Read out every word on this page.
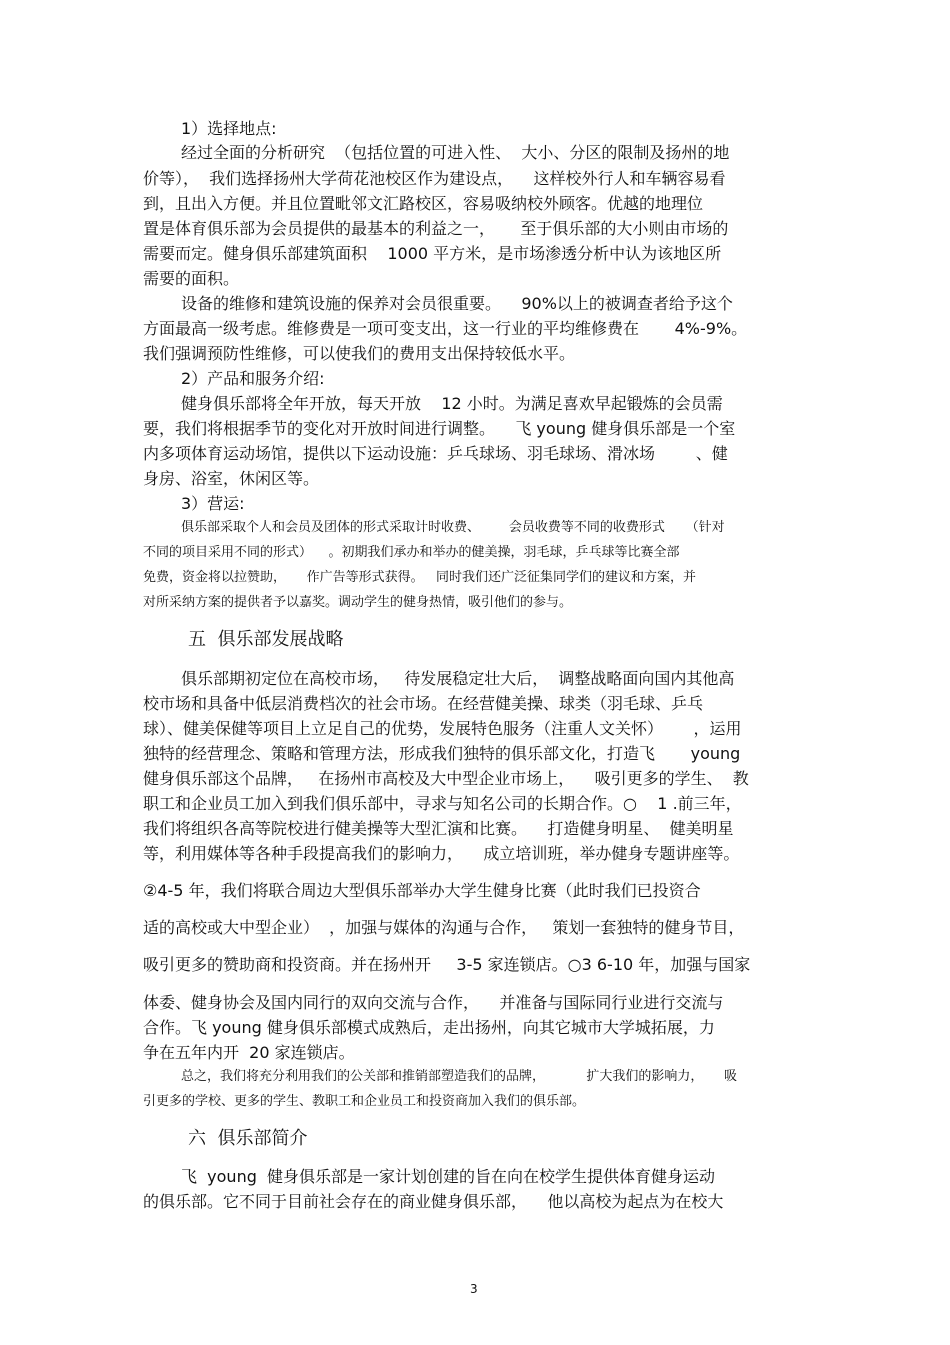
1）选择地点:
经过全面的分析研究  （包括位置的可进入性、  大小、分区的限制及扬州的地
价等），  我们选择扬州大学荷花池校区作为建设点，    这样校外行人和车辆容易看
到，且出入方便。并且位置毗邻文汇路校区，容易吸纳校外顾客。优越的地理位
置是体育俱乐部为会员提供的最基本的利益之一，     至于俱乐部的大小则由市场的
需要而定。健身俱乐部建筑面积    1000 平方米，是市场渗透分析中认为该地区所
需要的面积。
设备的维修和建筑设施的保养对会员很重要。    90%以上的被调查者给予这个
方面最高一级考虑。维修费是一项可变支出，这一行业的平均维修费在       4%-9%。
我们强调预防性维修，可以使我们的费用支出保持较低水平。
2）产品和服务介绍:
健身俱乐部将全年开放，每天开放    12 小时。为满足喜欢早起锻炼的会员需
要，我们将根据季节的变化对开放时间进行调整。    飞 young 健身俱乐部是一个室
内多项体育运动场馆，提供以下运动设施：乒乓球场、羽毛球场、滑冰场        、健
身房、浴室，休闲区等。
3）营运:
俱乐部采取个人和会员及团体的形式采取计时收费、       会员收费等不同的收费形式     （针对
不同的项目采用不同的形式）    。初期我们承办和举办的健美操，羽毛球，乒乓球等比赛全部
免费，资金将以拉赞助，     作广告等形式获得。   同时我们还广泛征集同学们的建议和方案，并
对所采纳方案的提供者予以嘉奖。调动学生的健身热情，吸引他们的参与。
五  俱乐部发展战略
俱乐部期初定位在高校市场，   待发展稳定壮大后，  调整战略面向国内其他高
校市场和具备中低层消费档次的社会市场。在经营健美操、球类（羽毛球、乒乓
球）、健美保健等项目上立足自己的优势，发展特色服务（注重人文关怀）      ，运用
独特的经营理念、策略和管理方法，形成我们独特的俱乐部文化，打造飞       young
健身俱乐部这个品牌，   在扬州市高校及大中型企业市场上，    吸引更多的学生、  教
职工和企业员工加入到我们俱乐部中，寻求与知名公司的长期合作。○    1 .前三年，
我们将组织各高等院校进行健美操等大型汇演和比赛。    打造健身明星、  健美明星
等，利用媒体等各种手段提高我们的影响力，    成立培训班，举办健身专题讲座等。
②4-5 年，我们将联合周边大型俱乐部举办大学生健身比赛（此时我们已投资合
适的高校或大中型企业）  ，加强与媒体的沟通与合作，   策划一套独特的健身节目，
吸引更多的赞助商和投资商。并在扬州开     3-5 家连锁店。○3 6-10 年，加强与国家
体委、健身协会及国内同行的双向交流与合作，    并准备与国际同行业进行交流与
合作。飞 young 健身俱乐部模式成熟后，走出扬州，向其它城市大学城拓展，力
争在五年内开  20 家连锁店。
总之，我们将充分利用我们的公关部和推销部塑造我们的品牌，          扩大我们的影响力，     吸
引更多的学校、更多的学生、教职工和企业员工和投资商加入我们的俱乐部。
六  俱乐部简介
飞  young  健身俱乐部是一家计划创建的旨在向在校学生提供体育健身运动
的俱乐部。它不同于目前社会存在的商业健身俱乐部，    他以高校为起点为在校大
3
